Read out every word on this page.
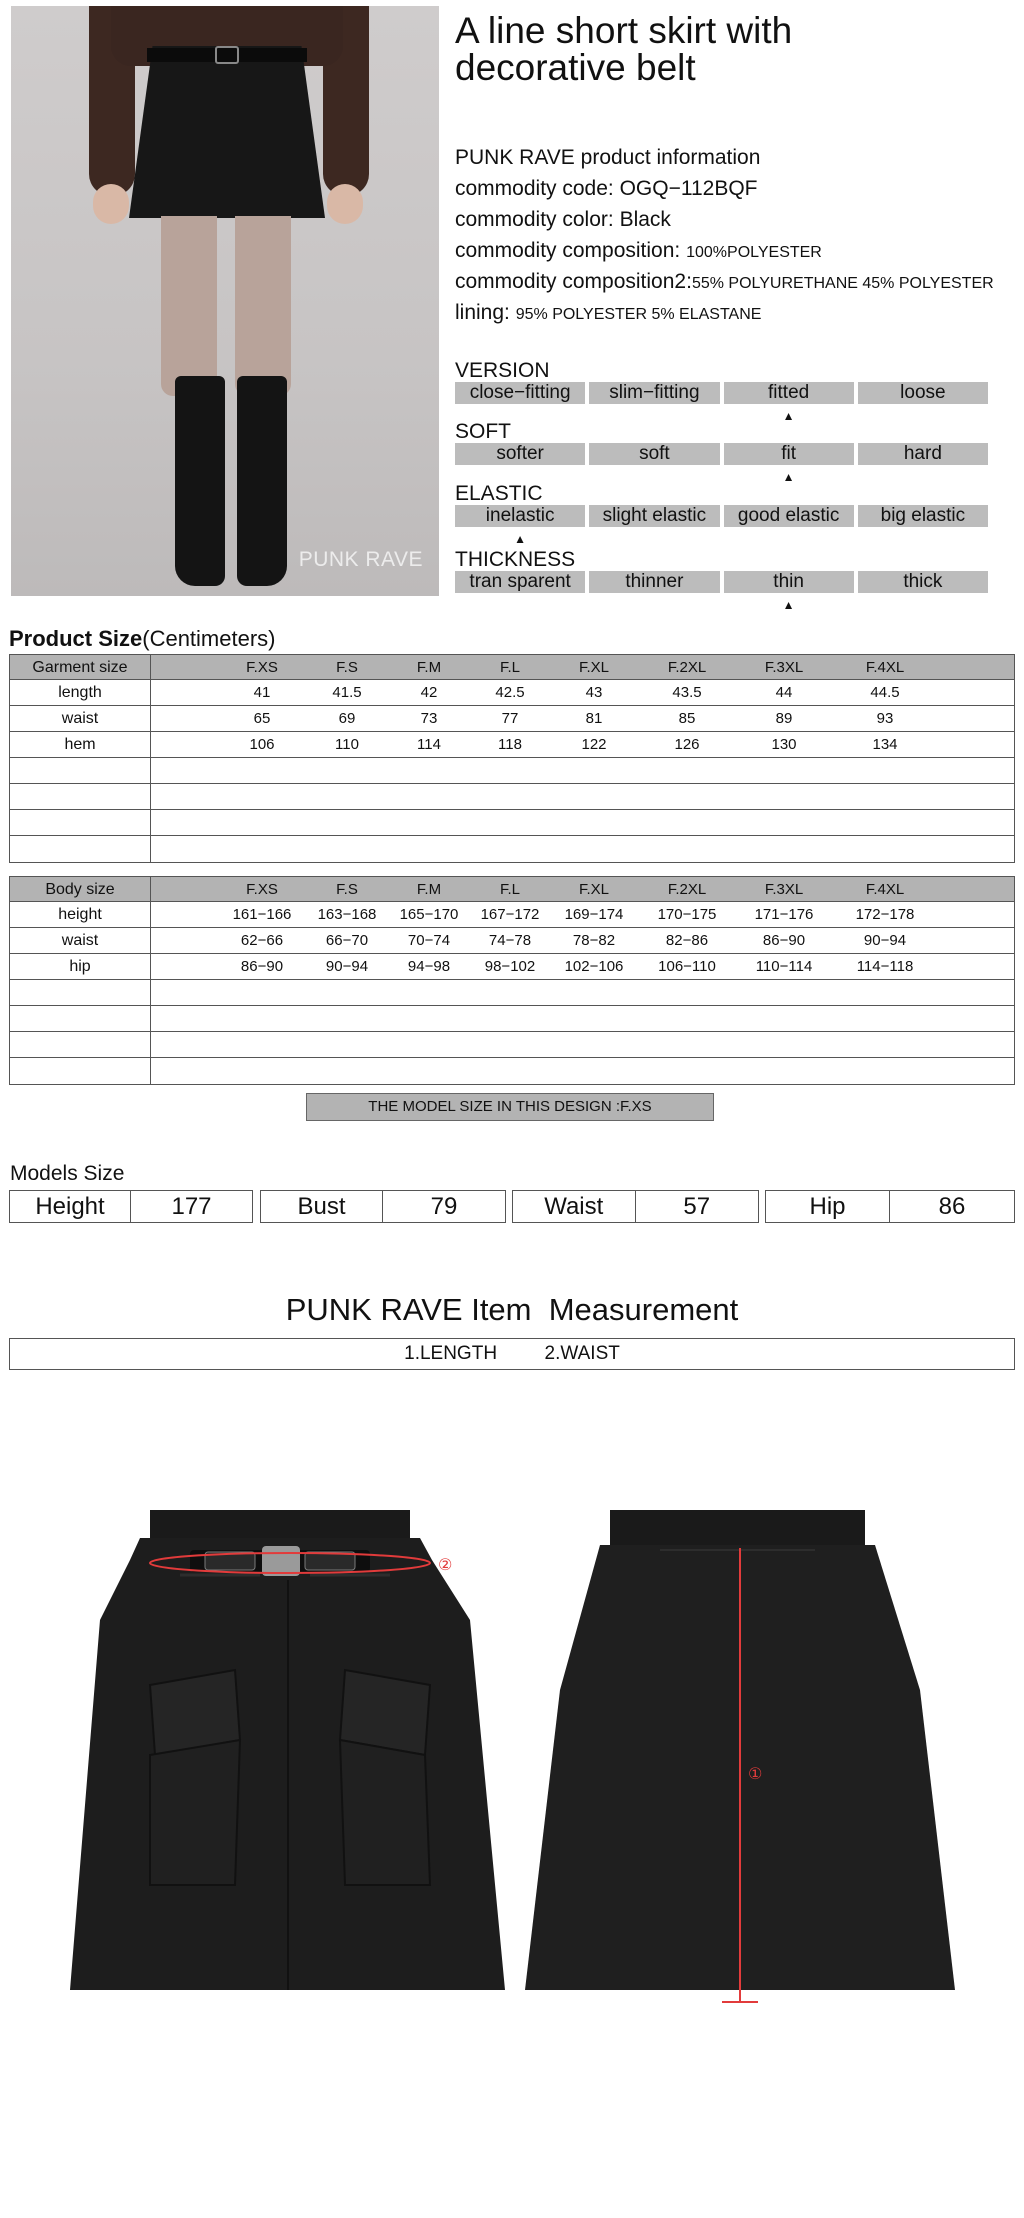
PUNK RAVE
A line short skirt with
decorative belt
PUNK RAVE product information
commodity code: OGQ−112BQF
commodity color: Black
commodity composition: 100%POLYESTER
commodity composition2:55% POLYURETHANE 45% POLYESTER
lining: 95% POLYESTER 5% ELASTANE
VERSION
close−fitting	slim−fitting	fitted	loose
▲
SOFT
softer	soft	fit	hard
▲
ELASTIC
inelastic	slight elastic	good elastic	big elastic
▲
THICKNESS
tran sparent	thinner	thin	thick
▲
Product Size(Centimeters)
Garment size	F.XS	F.S	F.M	F.L	F.XL	F.2XL	F.3XL	F.4XL
length	41	41.5	42	42.5	43	43.5	44	44.5
waist	65	69	73	77	81	85	89	93
hem	106	110	114	118	122	126	130	134
Body size	F.XS	F.S	F.M	F.L	F.XL	F.2XL	F.3XL	F.4XL
height	161−166	163−168	165−170	167−172	169−174	170−175	171−176	172−178
waist	62−66	66−70	70−74	74−78	78−82	82−86	86−90	90−94
hip	86−90	90−94	94−98	98−102	102−106	106−110	110−114	114−118
THE MODEL SIZE IN THIS DESIGN :F.XS
Models Size
Height	177	Bust	79	Waist	57	Hip	86
PUNK RAVE Item  Measurement
1.LENGTH         2.WAIST
②
①
